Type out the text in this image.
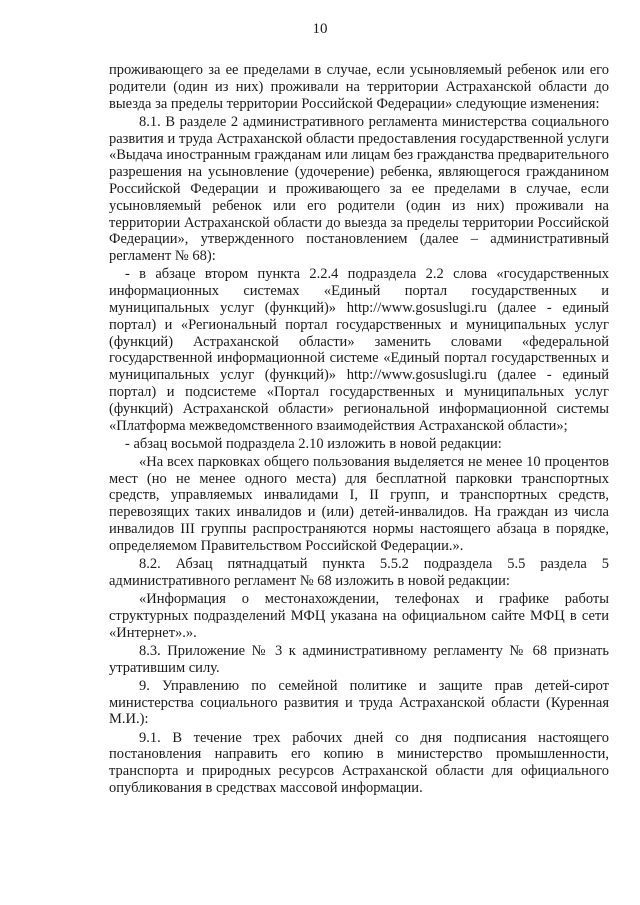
10

проживающего за ее пределами в случае, если усыновляемый ребенок или его родители (один из них) проживали на территории Астраханской области до выезда за пределы территории Российской Федерации» следующие изменения:

8.1. В разделе 2 административного регламента министерства социального развития и труда Астраханской области предоставления государственной услуги «Выдача иностранным гражданам или лицам без гражданства предварительного разрешения на усыновление (удочерение) ребенка, являющегося гражданином Российской Федерации и проживающего за ее пределами в случае, если усыновляемый ребенок или его родители (один из них) проживали на территории Астраханской области до выезда за пределы территории Российской Федерации», утвержденного постановлением (далее – административный регламент № 68):

- в абзаце втором пункта 2.2.4 подраздела 2.2 слова «государственных информационных системах «Единый портал государственных и муниципальных услуг (функций)» http://www.gosuslugi.ru (далее - единый портал) и «Региональный портал государственных и муниципальных услуг (функций) Астраханской области» заменить словами «федеральной государственной информационной системе «Единый портал государственных и муниципальных услуг (функций)» http://www.gosuslugi.ru (далее - единый портал) и подсистеме «Портал государственных и муниципальных услуг (функций) Астраханской области» региональной информационной системы «Платформа межведомственного взаимодействия Астраханской области»;

- абзац восьмой подраздела 2.10 изложить в новой редакции:

«На всех парковках общего пользования выделяется не менее 10 процентов мест (но не менее одного места) для бесплатной парковки транспортных средств, управляемых инвалидами I, II групп, и транспортных средств, перевозящих таких инвалидов и (или) детей-инвалидов. На граждан из числа инвалидов III группы распространяются нормы настоящего абзаца в порядке, определяемом Правительством Российской Федерации.».

8.2. Абзац пятнадцатый пункта 5.5.2 подраздела 5.5 раздела 5 административного регламент № 68 изложить в новой редакции:

«Информация о местонахождении, телефонах и графике работы структурных подразделений МФЦ указана на официальном сайте МФЦ в сети «Интернет».».

8.3. Приложение № 3 к административному регламенту № 68 признать утратившим силу.

9. Управлению по семейной политике и защите прав детей-сирот министерства социального развития и труда Астраханской области (Куренная М.И.):

9.1. В течение трех рабочих дней со дня подписания настоящего постановления направить его копию в министерство промышленности, транспорта и природных ресурсов Астраханской области для официального опубликования в средствах массовой информации.
